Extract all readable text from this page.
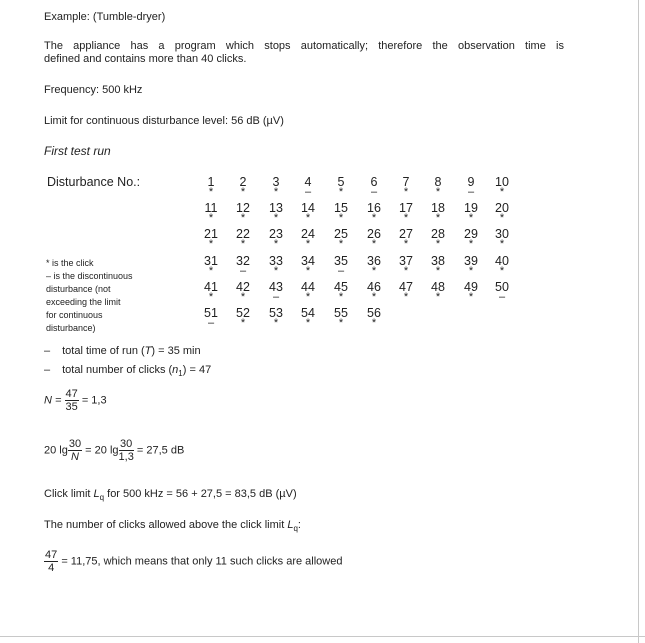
Example: (Tumble-dryer)
The appliance has a program which stops automatically; therefore the observation time is
defined and contains more than 40 clicks.
Frequency: 500 kHz
Limit for continuous disturbance level: 56 dB (µV)
First test run
Disturbance No.:	1
*
2
*
3
*
4
–
5
*
6
–
7
*
8
*
9
–
10
*
11
*
12
*
13
*
14
*
15
*
16
*
17
*
18
*
19
*
20
*
21
*
22
*
23
*
24
*
25
*
26
*
27
*
28
*
29
*
30
*
31
*
32
–
33
*
34
*
35
–
36
*
37
*
38
*
39
*
40
*
41
*
42
*
43
–
44
*
45
*
46
*
47
*
48
*
49
*
50
–
51
–
52
*
53
*
54
*
55
*
56
*
* is the click
– is the discontinuous
disturbance (not
exceeding the limit
for continuous
disturbance)
– total time of run (T) = 35 min
– total number of clicks $(n_1) = 47$
$N = \frac{47}{35} = 1,3$
20 $\lg \frac{30}{N} = 20$ $\lg \frac{30}{1,3} = 27,5$ dB
Click limit $L_q$ for 500 kHz = 56 + 27,5 = 83,5 dB (µV)
The number of clicks allowed above the click limit $L_q$:
$\frac{47}{4} = 11,75$, which means that only 11 such clicks are allowed
